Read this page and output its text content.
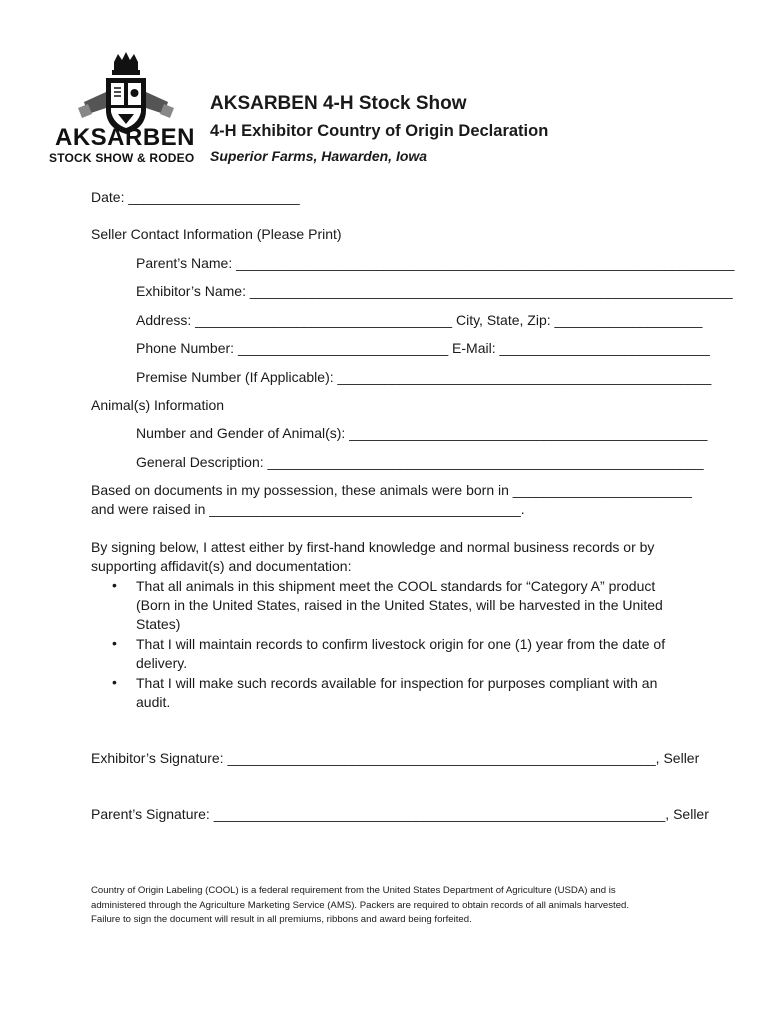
AKSARBEN
STOCK SHOW & RODEO
AKSARBEN 4-H Stock Show
4-H Exhibitor Country of Origin Declaration
Superior Farms, Hawarden, Iowa
Date: ______________________
Seller Contact Information (Please Print)
Parent’s Name: ________________________________________________________________
Exhibitor’s Name: ______________________________________________________________
Address: _________________________________ City, State, Zip: ___________________
Phone Number: ___________________________ E-Mail: ___________________________
Premise Number (If Applicable): ________________________________________________
Animal(s) Information
Number and Gender of Animal(s): ______________________________________________
General Description: ________________________________________________________
Based on documents in my possession, these animals were born in _______________________
and were raised in ________________________________________.
By signing below, I attest either by first-hand knowledge and normal business records or by
supporting affidavit(s) and documentation:
•	That all animals in this shipment meet the COOL standards for “Category A” product (Born in the United States, raised in the United States, will be harvested in the United States)
•	That I will maintain records to confirm livestock origin for one (1) year from the date of delivery.
•	That I will make such records available for inspection for purposes compliant with an audit.
Exhibitor’s Signature: _______________________________________________________, Seller
Parent’s Signature: __________________________________________________________, Seller
Country of Origin Labeling (COOL) is a federal requirement from the United States Department of Agriculture (USDA) and is
administered through the Agriculture Marketing Service (AMS). Packers are required to obtain records of all animals harvested.
Failure to sign the document will result in all premiums, ribbons and award being forfeited.
